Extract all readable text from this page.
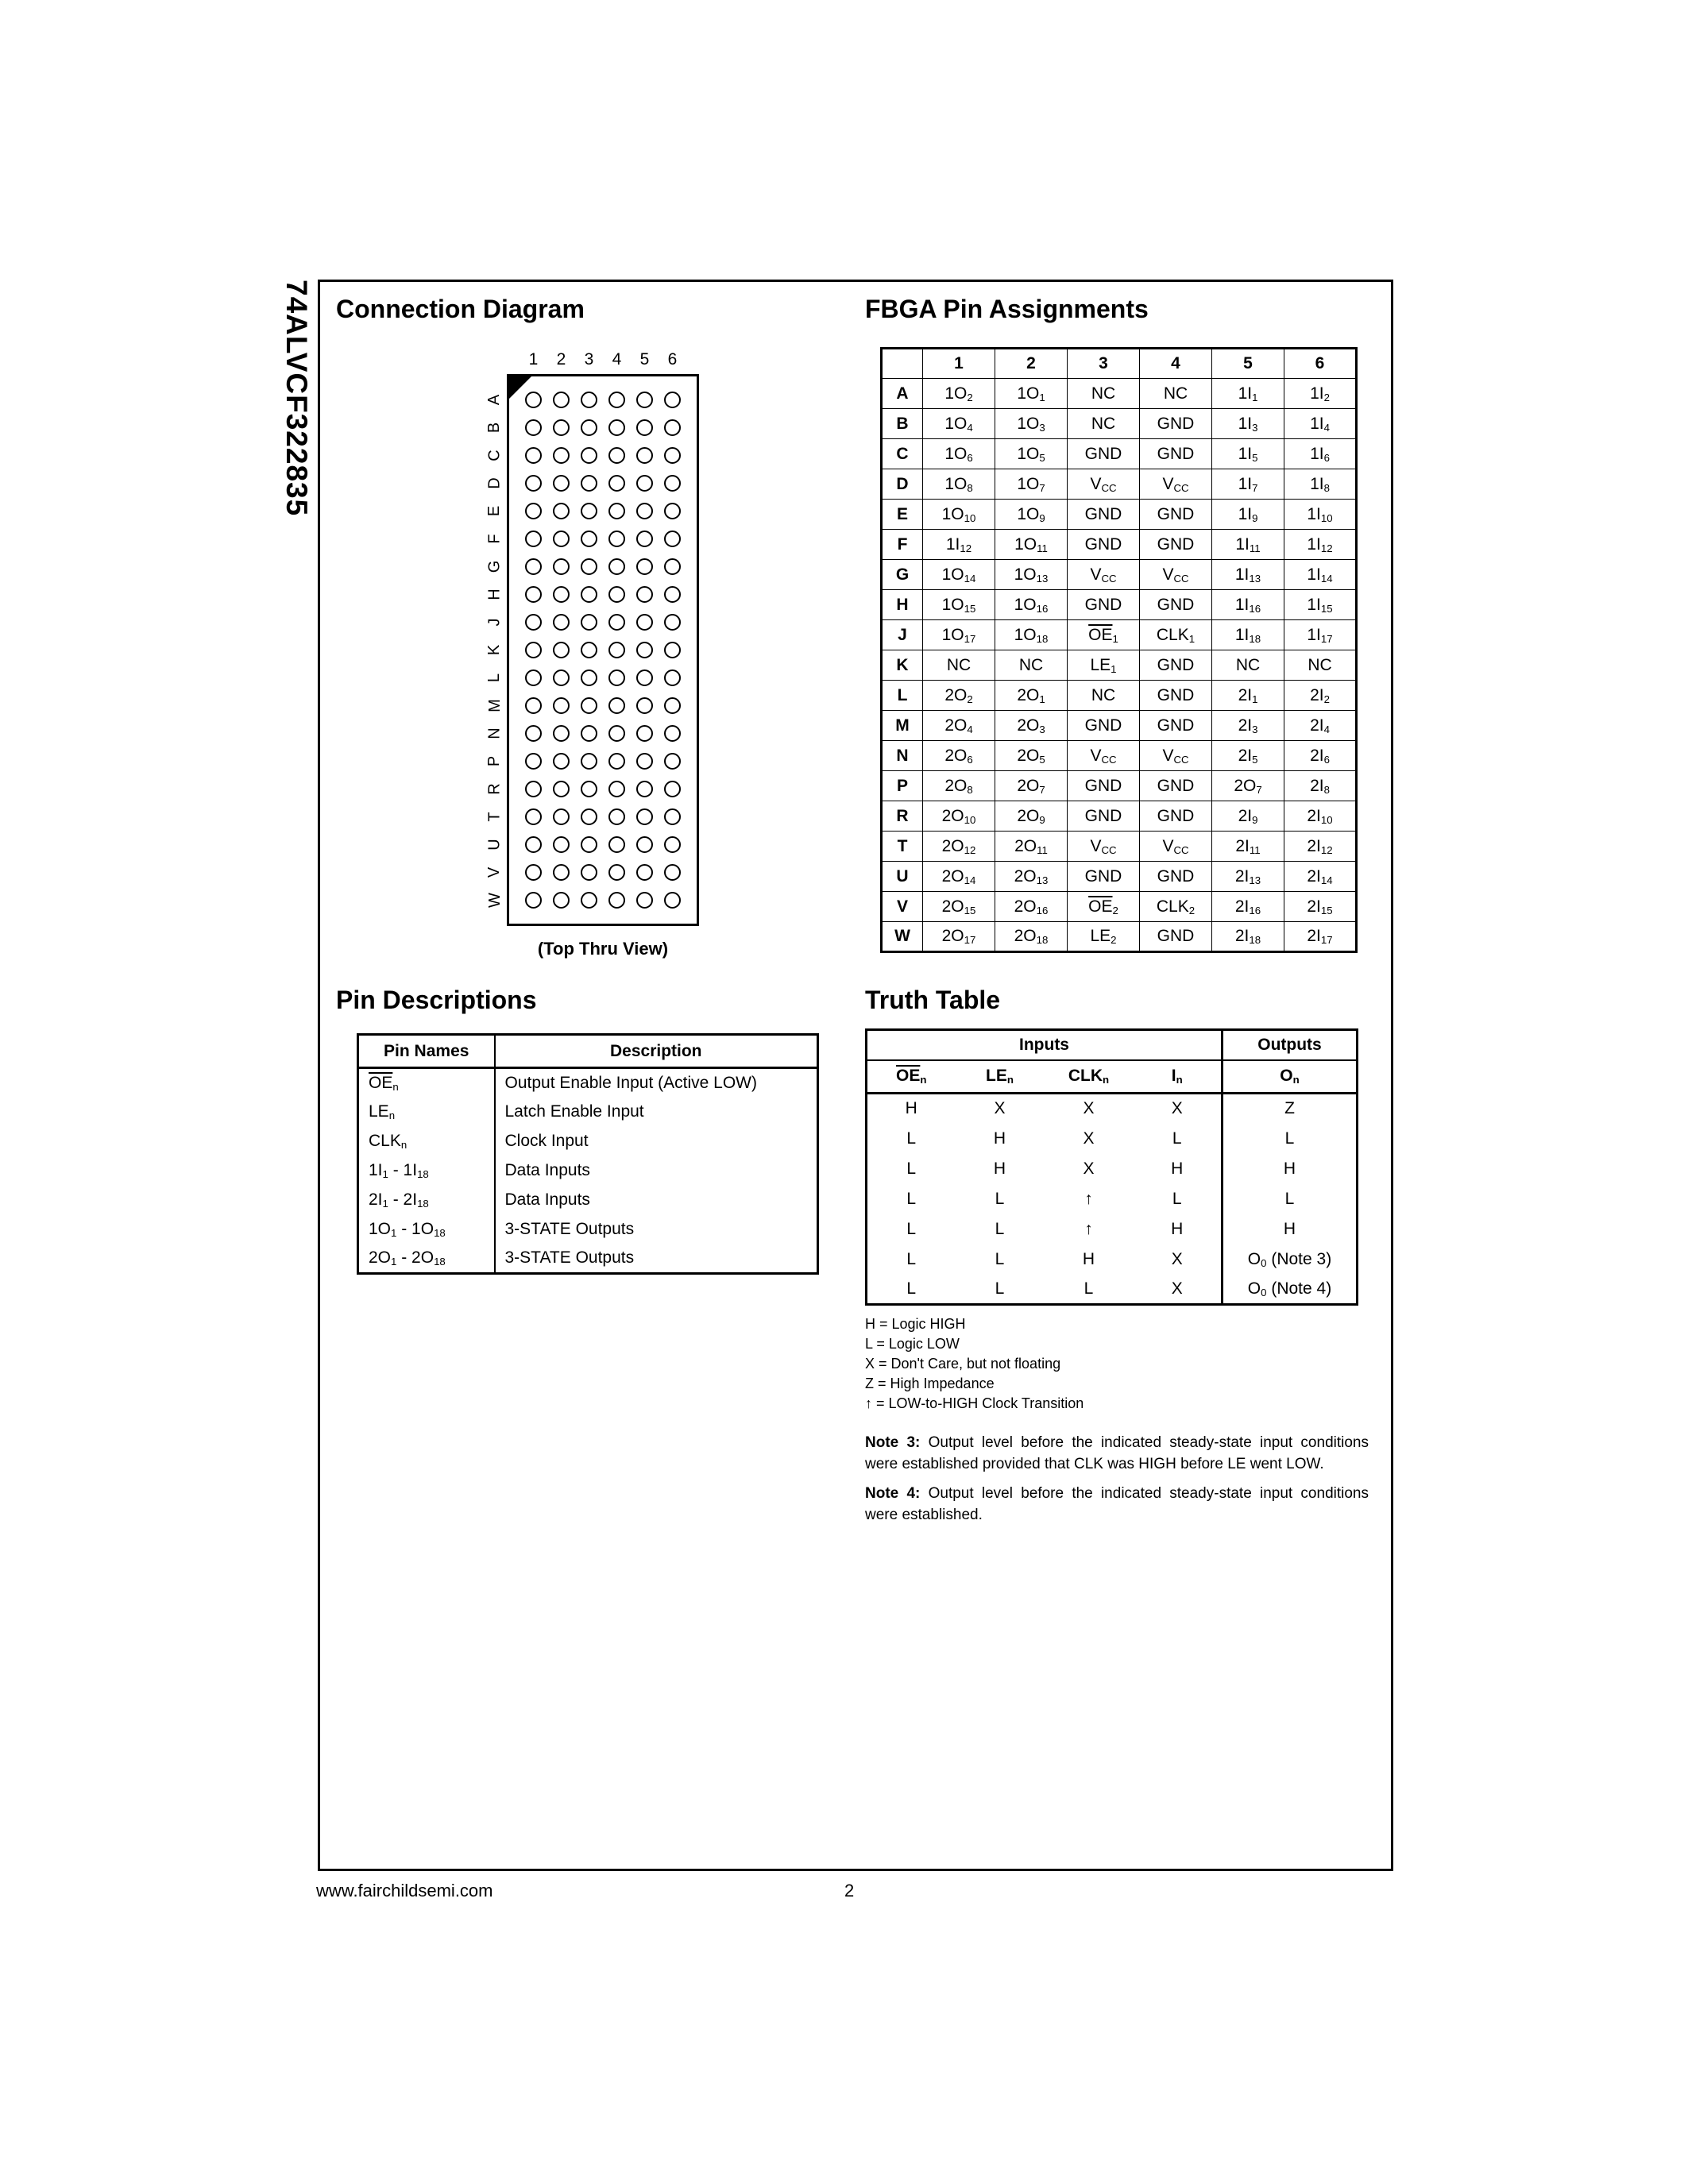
74ALVCF322835 Connection Diagram	FBGA Pin Assignments
1	2	3	4	5	6
A
B
C
D
E
F
G
H
J
K
L
M
N
P
R
T
U
V
W
(Top Thru View)
	1	2	3	4	5	6
A	$1O_2$	$1O_1$	NC	NC	$1I_1$	$1I_2$
B	$1O_4$	$1O_3$	NC	GND	$1I_3$	$1I_4$
C	$1O_6$	$1O_5$	GND	GND	$1I_5$	$1I_6$
D	$1O_8$	$1O_7$	$V_{CC}$	$V_{CC}$	$1I_7$	$1I_8$
E	$1O_{10}$	$1O_9$	GND	GND	$1I_9$	$1I_{10}$
F	$1I_{12}$	$1O_{11}$	GND	GND	$1I_{11}$	$1I_{12}$
G	$1O_{14}$	$1O_{13}$	$V_{CC}$	$V_{CC}$	$1I_{13}$	$1I_{14}$
H	$1O_{15}$	$1O_{16}$	GND	GND	$1I_{16}$	$1I_{15}$
J	$1O_{17}$	$1O_{18}$	$\overline{OE}_1$	$CLK_1$	$1I_{18}$	$1I_{17}$
K	NC	NC	$LE_1$	GND	NC	NC
L	$2O_2$	$2O_1$	NC	GND	$2I_1$	$2I_2$
M	$2O_4$	$2O_3$	GND	GND	$2I_3$	$2I_4$
N	$2O_6$	$2O_5$	$V_{CC}$	$V_{CC}$	$2I_5$	$2I_6$
P	$2O_8$	$2O_7$	GND	GND	$2O_7$	$2I_8$
R	$2O_{10}$	$2O_9$	GND	GND	$2I_9$	$2I_{10}$
T	$2O_{12}$	$2O_{11}$	$V_{CC}$	$V_{CC}$	$2I_{11}$	$2I_{12}$
U	$2O_{14}$	$2O_{13}$	GND	GND	$2I_{13}$	$2I_{14}$
V	$2O_{15}$	$2O_{16}$	$\overline{OE}_2$	$CLK_2$	$2I_{16}$	$2I_{15}$
W	$2O_{17}$	$2O_{18}$	$LE_2$	GND	$2I_{18}$	$2I_{17}$
Pin Descriptions	Truth Table
Pin Names	Description
$\overline{OE}_n$	Output Enable Input (Active LOW)
$LE_n$	Latch Enable Input
$CLK_n$	Clock Input
$1I_1 - 1I_{18}$	Data Inputs
$2I_1 - 2I_{18}$	Data Inputs
$1O_1 - 1O_{18}$	3-STATE Outputs
$2O_1 - 2O_{18}$	3-STATE Outputs
Inputs				Outputs
$\overline{OE}_n$	$LE_n$	$CLK_n$	$I_n$	$O_n$
H	X	X	X	Z
L	H	X	L	L
L	H	X	H	H
L	L	↑	L	L
L	L	↑	H	H
L	L	H	X	$O_0$ (Note 3)
L	L	L	X	$O_0$ (Note 4)
H = Logic HIGH
L = Logic LOW
X = Don't Care, but not floating
Z = High Impedance
↑ = LOW-to-HIGH Clock Transition

Note 3: Output level before the indicated steady-state input conditions were established provided that CLK was HIGH before LE went LOW.

Note 4: Output level before the indicated steady-state input conditions were established.

www.fairchildsemi.com	2
